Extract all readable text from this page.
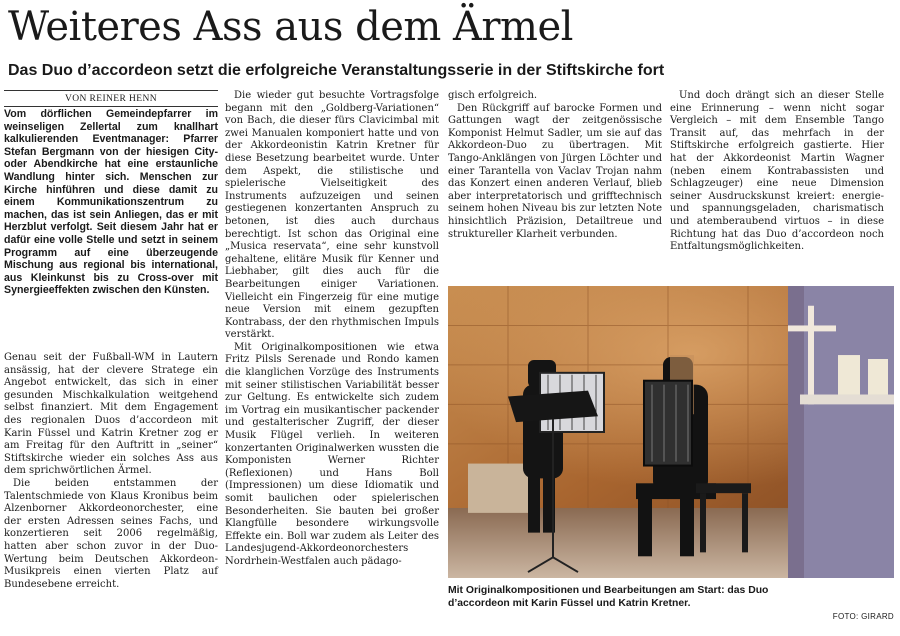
Weiteres Ass aus dem Ärmel
Das Duo d’accordeon setzt die erfolgreiche Veranstaltungsserie in der Stiftskirche fort
VON REINER HENN

Vom dörflichen Gemeindepfarrer im weinseligen Zellertal zum knallhart kalkulierenden Eventmanager: Pfarrer Stefan Bergmann von der hiesigen City- oder Abendkirche hat eine erstaunliche Wandlung hinter sich. Menschen zur Kirche hinführen und diese damit zu einem Kommunikationszentrum zu machen, das ist sein Anliegen, das er mit Herzblut verfolgt. Seit diesem Jahr hat er dafür eine volle Stelle und setzt in seinem Programm auf eine überzeugende Mischung aus regional bis international, aus Kleinkunst bis zu Cross-over mit Synergieeffekten zwischen den Künsten.

Genau seit der Fußball-WM in Lautern ansässig, hat der clevere Stratege ein Angebot entwickelt, das sich in einer gesunden Mischkalkulation weitgehend selbst finanziert. Mit dem Engagement des regionalen Duos d’accordeon mit Karin Füssel und Katrin Kretner zog er am Freitag für den Auftritt in „seiner“ Stiftskirche wieder ein solches Ass aus dem sprichwörtlichen Ärmel.

Die beiden entstammen der Talentschmiede von Klaus Kronibus beim Alzenborner Akkordeonorchester, eine der ersten Adressen seines Fachs, und konzertieren seit 2006 regelmäßig, hatten aber schon zuvor in der Duo-Wertung beim Deutschen Akkordeon-Musikpreis einen vierten Platz auf Bundesebene erreicht.

Die wieder gut besuchte Vortragsfolge begann mit den „Goldberg-Variationen“ von Bach, die dieser fürs Clavicimbal mit zwei Manualen komponiert hatte und von der Akkordeonistin Katrin Kretner für diese Besetzung bearbeitet wurde. Unter dem Aspekt, die stilistische und spielerische Vielseitigkeit des Instruments aufzuzeigen und seinen gestiegenen konzertanten Anspruch zu betonen, ist dies auch durchaus berechtigt. Ist schon das Original eine „Musica reservata“, eine sehr kunstvoll gehaltene, elitäre Musik für Kenner und Liebhaber, gilt dies auch für die Bearbeitungen einiger Variationen. Vielleicht ein Fingerzeig für eine mutige neue Version mit einem gezupften Kontrabass, der den rhythmischen Impuls verstärkt.

Mit Originalkompositionen wie etwa Fritz Pilsls Serenade und Rondo kamen die klanglichen Vorzüge des Instruments mit seiner stilistischen Variabilität besser zur Geltung. Es entwickelte sich zudem im Vortrag ein musikantischer packender und gestalterischer Zugriff, der dieser Musik Flügel verlieh. In weiteren konzertanten Originalwerken wussten die Komponisten Werner Richter (Reflexionen) und Hans Boll (Impressionen) um diese Idiomatik und somit baulichen oder spielerischen Besonderheiten. Sie bauten bei großer Klangfülle besondere wirkungsvolle Effekte ein. Boll war zudem als Leiter des Landesjugend-Akkordeonorchesters Nordrhein-Westfalen auch pädago-

gisch erfolgreich.

Den Rückgriff auf barocke Formen und Gattungen wagt der zeitgenössische Komponist Helmut Sadler, um sie auf das Akkordeon-Duo zu übertragen. Mit Tango-Anklängen von Jürgen Löchter und einer Tarantella von Vaclav Trojan nahm das Konzert einen anderen Verlauf, blieb aber interpretatorisch und grifftechnisch seinem hohen Niveau bis zur letzten Note hinsichtlich Präzision, Detailtreue und struktureller Klarheit verbunden.

Und doch drängt sich an dieser Stelle eine Erinnerung – wenn nicht sogar Vergleich – mit dem Ensemble Tango Transit auf, das mehrfach in der Stiftskirche erfolgreich gastierte. Hier hat der Akkordeonist Martin Wagner (neben einem Kontrabassisten und Schlagzeuger) eine neue Dimension seiner Ausdruckskunst kreiert: energie- und spannungsgeladen, charismatisch und atemberaubend virtuos – in diese Richtung hat das Duo d’accordeon noch Entfaltungsmöglichkeiten.

Mit Originalkompositionen und Bearbeitungen am Start: das Duo d’accordeon mit Karin Füssel und Katrin Kretner.

FOTO: GIRARD
